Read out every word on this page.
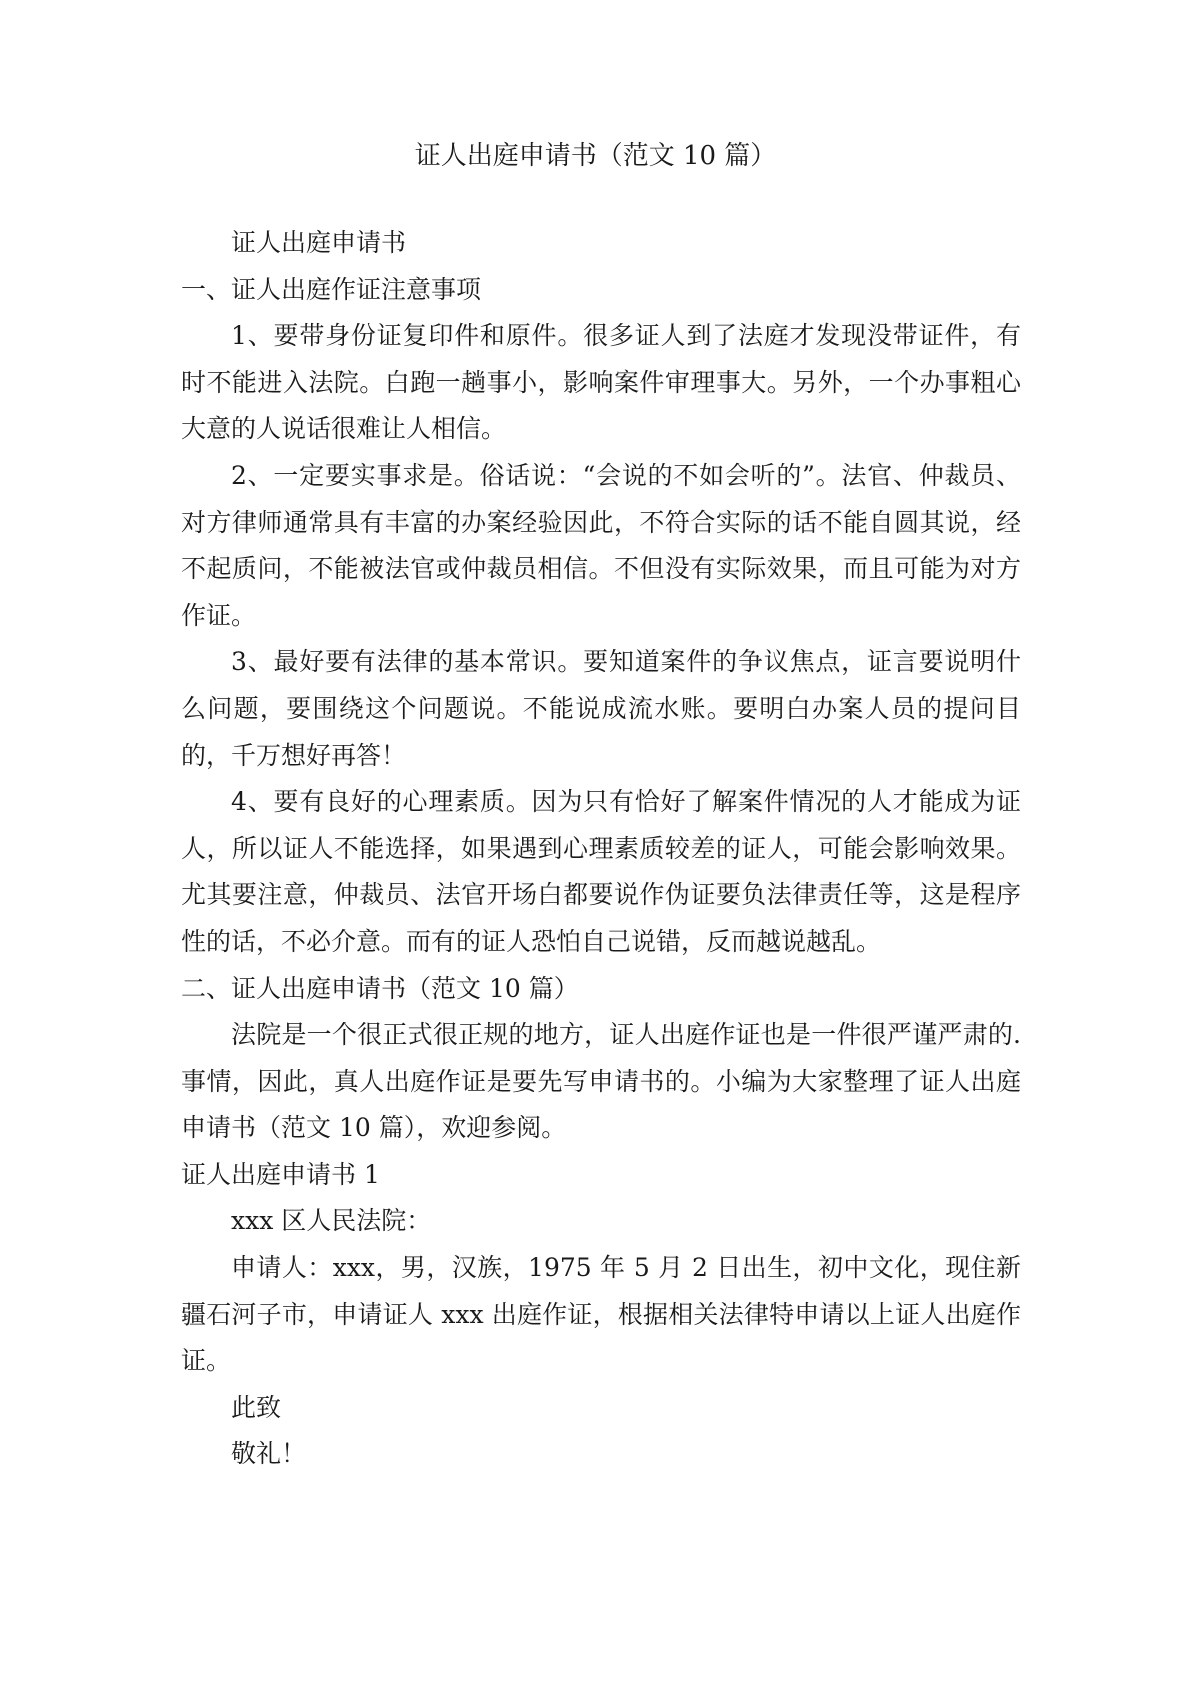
证人出庭申请书（范文 10 篇）

证人出庭申请书

一、证人出庭作证注意事项

1、要带身份证复印件和原件。很多证人到了法庭才发现没带证件，有时不能进入法院。白跑一趟事小，影响案件审理事大。另外，一个办事粗心大意的人说话很难让人相信。

2、一定要实事求是。俗话说：“会说的不如会听的”。法官、仲裁员、对方律师通常具有丰富的办案经验因此，不符合实际的话不能自圆其说，经不起质问，不能被法官或仲裁员相信。不但没有实际效果，而且可能为对方作证。

3、最好要有法律的基本常识。要知道案件的争议焦点，证言要说明什么问题，要围绕这个问题说。不能说成流水账。要明白办案人员的提问目的，千万想好再答！

4、要有良好的心理素质。因为只有恰好了解案件情况的人才能成为证人，所以证人不能选择，如果遇到心理素质较差的证人，可能会影响效果。尤其要注意，仲裁员、法官开场白都要说作伪证要负法律责任等，这是程序性的话，不必介意。而有的证人恐怕自己说错，反而越说越乱。

二、证人出庭申请书（范文 10 篇）

法院是一个很正式很正规的地方，证人出庭作证也是一件很严谨严肃的.事情，因此，真人出庭作证是要先写申请书的。小编为大家整理了证人出庭申请书（范文 10 篇），欢迎参阅。

证人出庭申请书 1

xxx 区人民法院：

申请人：xxx，男，汉族，1975 年 5 月 2 日出生，初中文化，现住新疆石河子市，申请证人 xxx 出庭作证，根据相关法律特申请以上证人出庭作证。

此致

敬礼！
